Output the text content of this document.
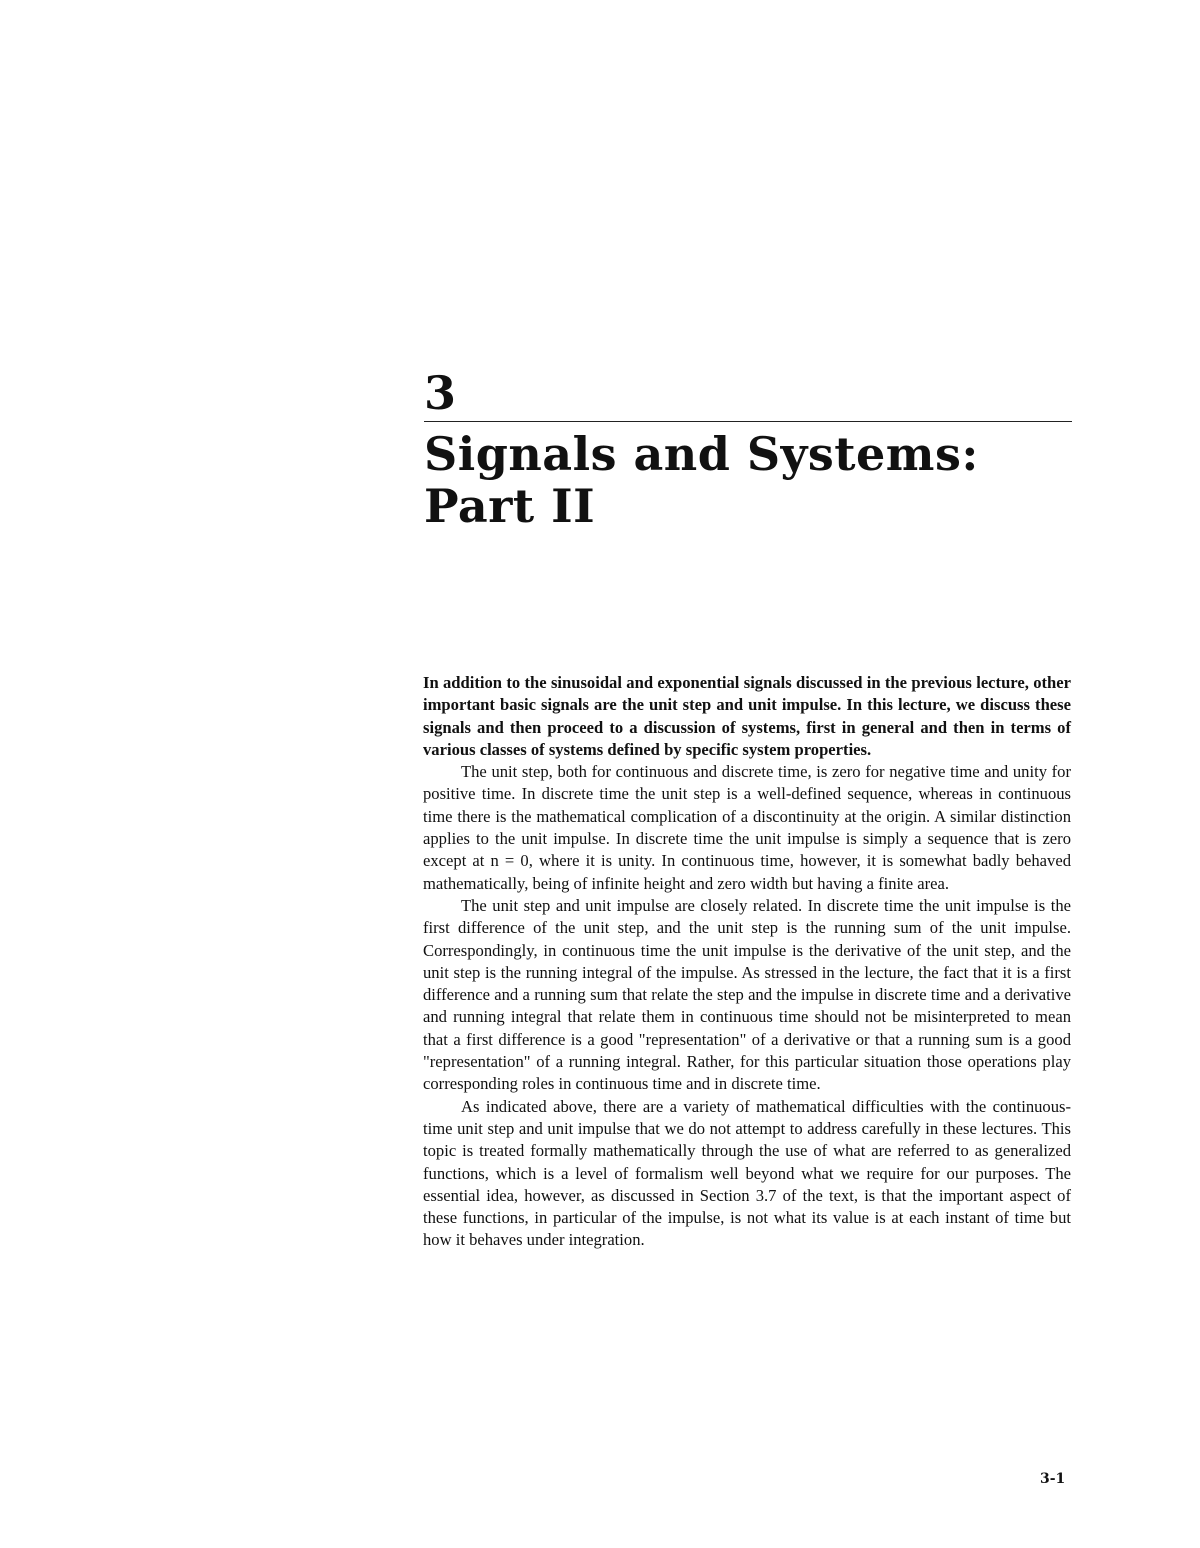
3
Signals and Systems:
Part II

In addition to the sinusoidal and exponential signals discussed in the previous lecture, other important basic signals are the unit step and unit impulse. In this lecture, we discuss these signals and then proceed to a discussion of systems, first in general and then in terms of various classes of systems defined by specific system properties.

The unit step, both for continuous and discrete time, is zero for negative time and unity for positive time. In discrete time the unit step is a well-defined sequence, whereas in continuous time there is the mathematical complication of a discontinuity at the origin. A similar distinction applies to the unit impulse. In discrete time the unit impulse is simply a sequence that is zero except at n = 0, where it is unity. In continuous time, however, it is somewhat badly behaved mathematically, being of infinite height and zero width but having a finite area.

The unit step and unit impulse are closely related. In discrete time the unit impulse is the first difference of the unit step, and the unit step is the running sum of the unit impulse. Correspondingly, in continuous time the unit impulse is the derivative of the unit step, and the unit step is the running integral of the impulse. As stressed in the lecture, the fact that it is a first difference and a running sum that relate the step and the impulse in discrete time and a derivative and running integral that relate them in continuous time should not be misinterpreted to mean that a first difference is a good "representation" of a derivative or that a running sum is a good "representation" of a running integral. Rather, for this particular situation those operations play corresponding roles in continuous time and in discrete time.

As indicated above, there are a variety of mathematical difficulties with the continuous-time unit step and unit impulse that we do not attempt to address carefully in these lectures. This topic is treated formally mathematically through the use of what are referred to as generalized functions, which is a level of formalism well beyond what we require for our purposes. The essential idea, however, as discussed in Section 3.7 of the text, is that the important aspect of these functions, in particular of the impulse, is not what its value is at each instant of time but how it behaves under integration.

3-1
